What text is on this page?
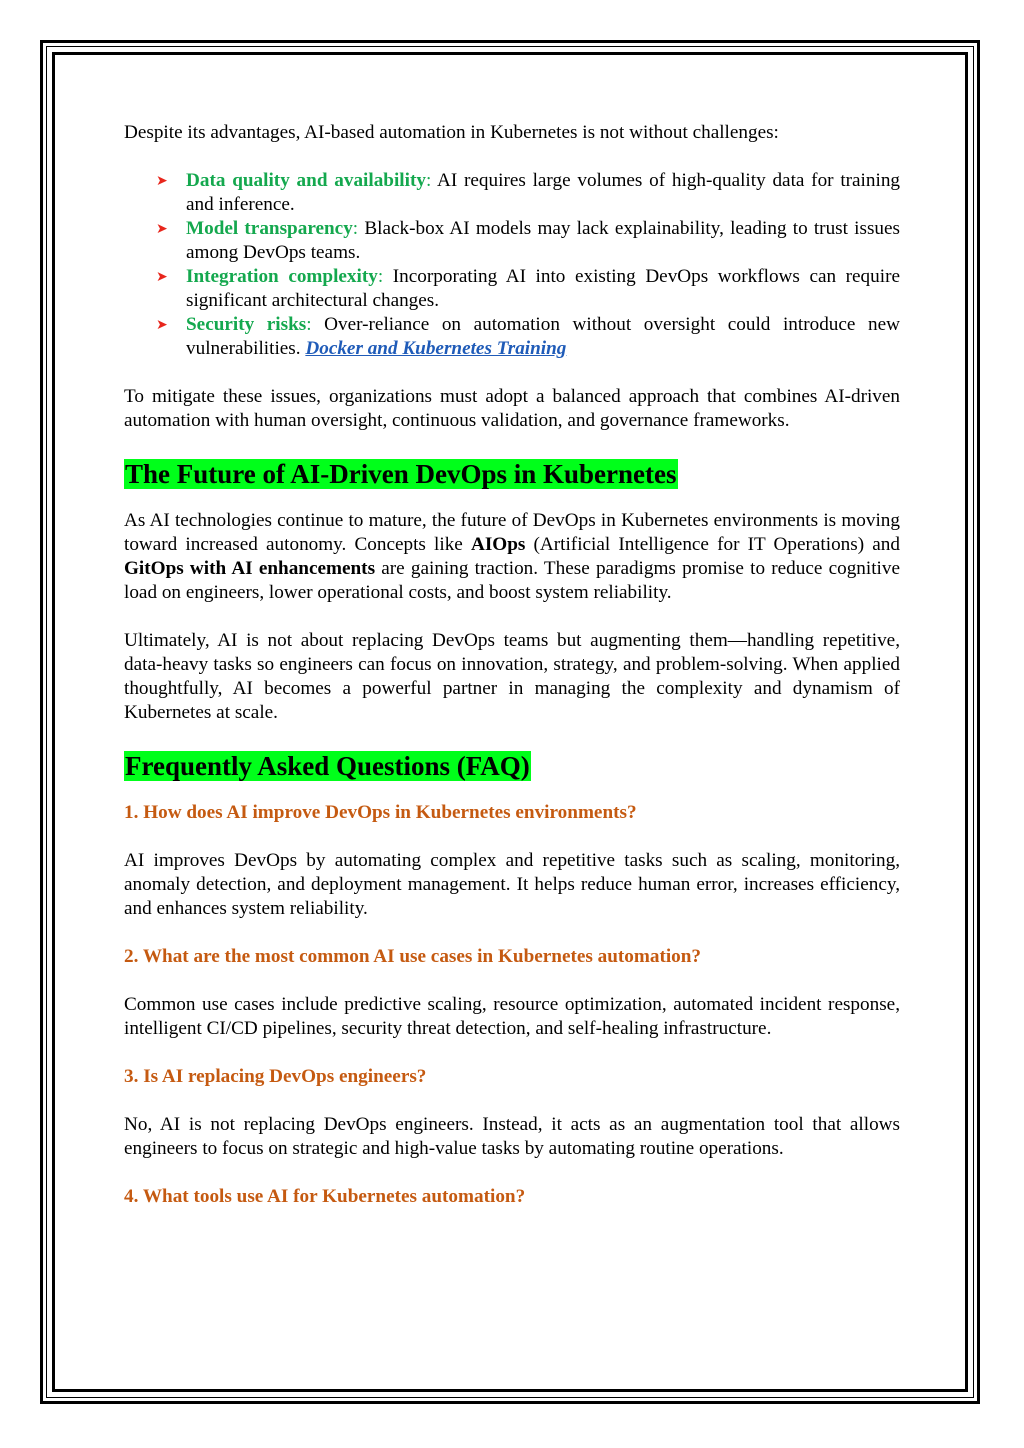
Despite its advantages, AI-based automation in Kubernetes is not without challenges:

➤ Data quality and availability: AI requires large volumes of high-quality data for training and inference.
➤ Model transparency: Black-box AI models may lack explainability, leading to trust issues among DevOps teams.
➤ Integration complexity: Incorporating AI into existing DevOps workflows can require significant architectural changes.
➤ Security risks: Over-reliance on automation without oversight could introduce new vulnerabilities. Docker and Kubernetes Training

To mitigate these issues, organizations must adopt a balanced approach that combines AI-driven automation with human oversight, continuous validation, and governance frameworks.

The Future of AI-Driven DevOps in Kubernetes

As AI technologies continue to mature, the future of DevOps in Kubernetes environments is moving toward increased autonomy. Concepts like AIOps (Artificial Intelligence for IT Operations) and GitOps with AI enhancements are gaining traction. These paradigms promise to reduce cognitive load on engineers, lower operational costs, and boost system reliability.

Ultimately, AI is not about replacing DevOps teams but augmenting them—handling repetitive, data-heavy tasks so engineers can focus on innovation, strategy, and problem-solving. When applied thoughtfully, AI becomes a powerful partner in managing the complexity and dynamism of Kubernetes at scale.

Frequently Asked Questions (FAQ)

1. How does AI improve DevOps in Kubernetes environments?

AI improves DevOps by automating complex and repetitive tasks such as scaling, monitoring, anomaly detection, and deployment management. It helps reduce human error, increases efficiency, and enhances system reliability.

2. What are the most common AI use cases in Kubernetes automation?

Common use cases include predictive scaling, resource optimization, automated incident response, intelligent CI/CD pipelines, security threat detection, and self-healing infrastructure.

3. Is AI replacing DevOps engineers?

No, AI is not replacing DevOps engineers. Instead, it acts as an augmentation tool that allows engineers to focus on strategic and high-value tasks by automating routine operations.

4. What tools use AI for Kubernetes automation?
